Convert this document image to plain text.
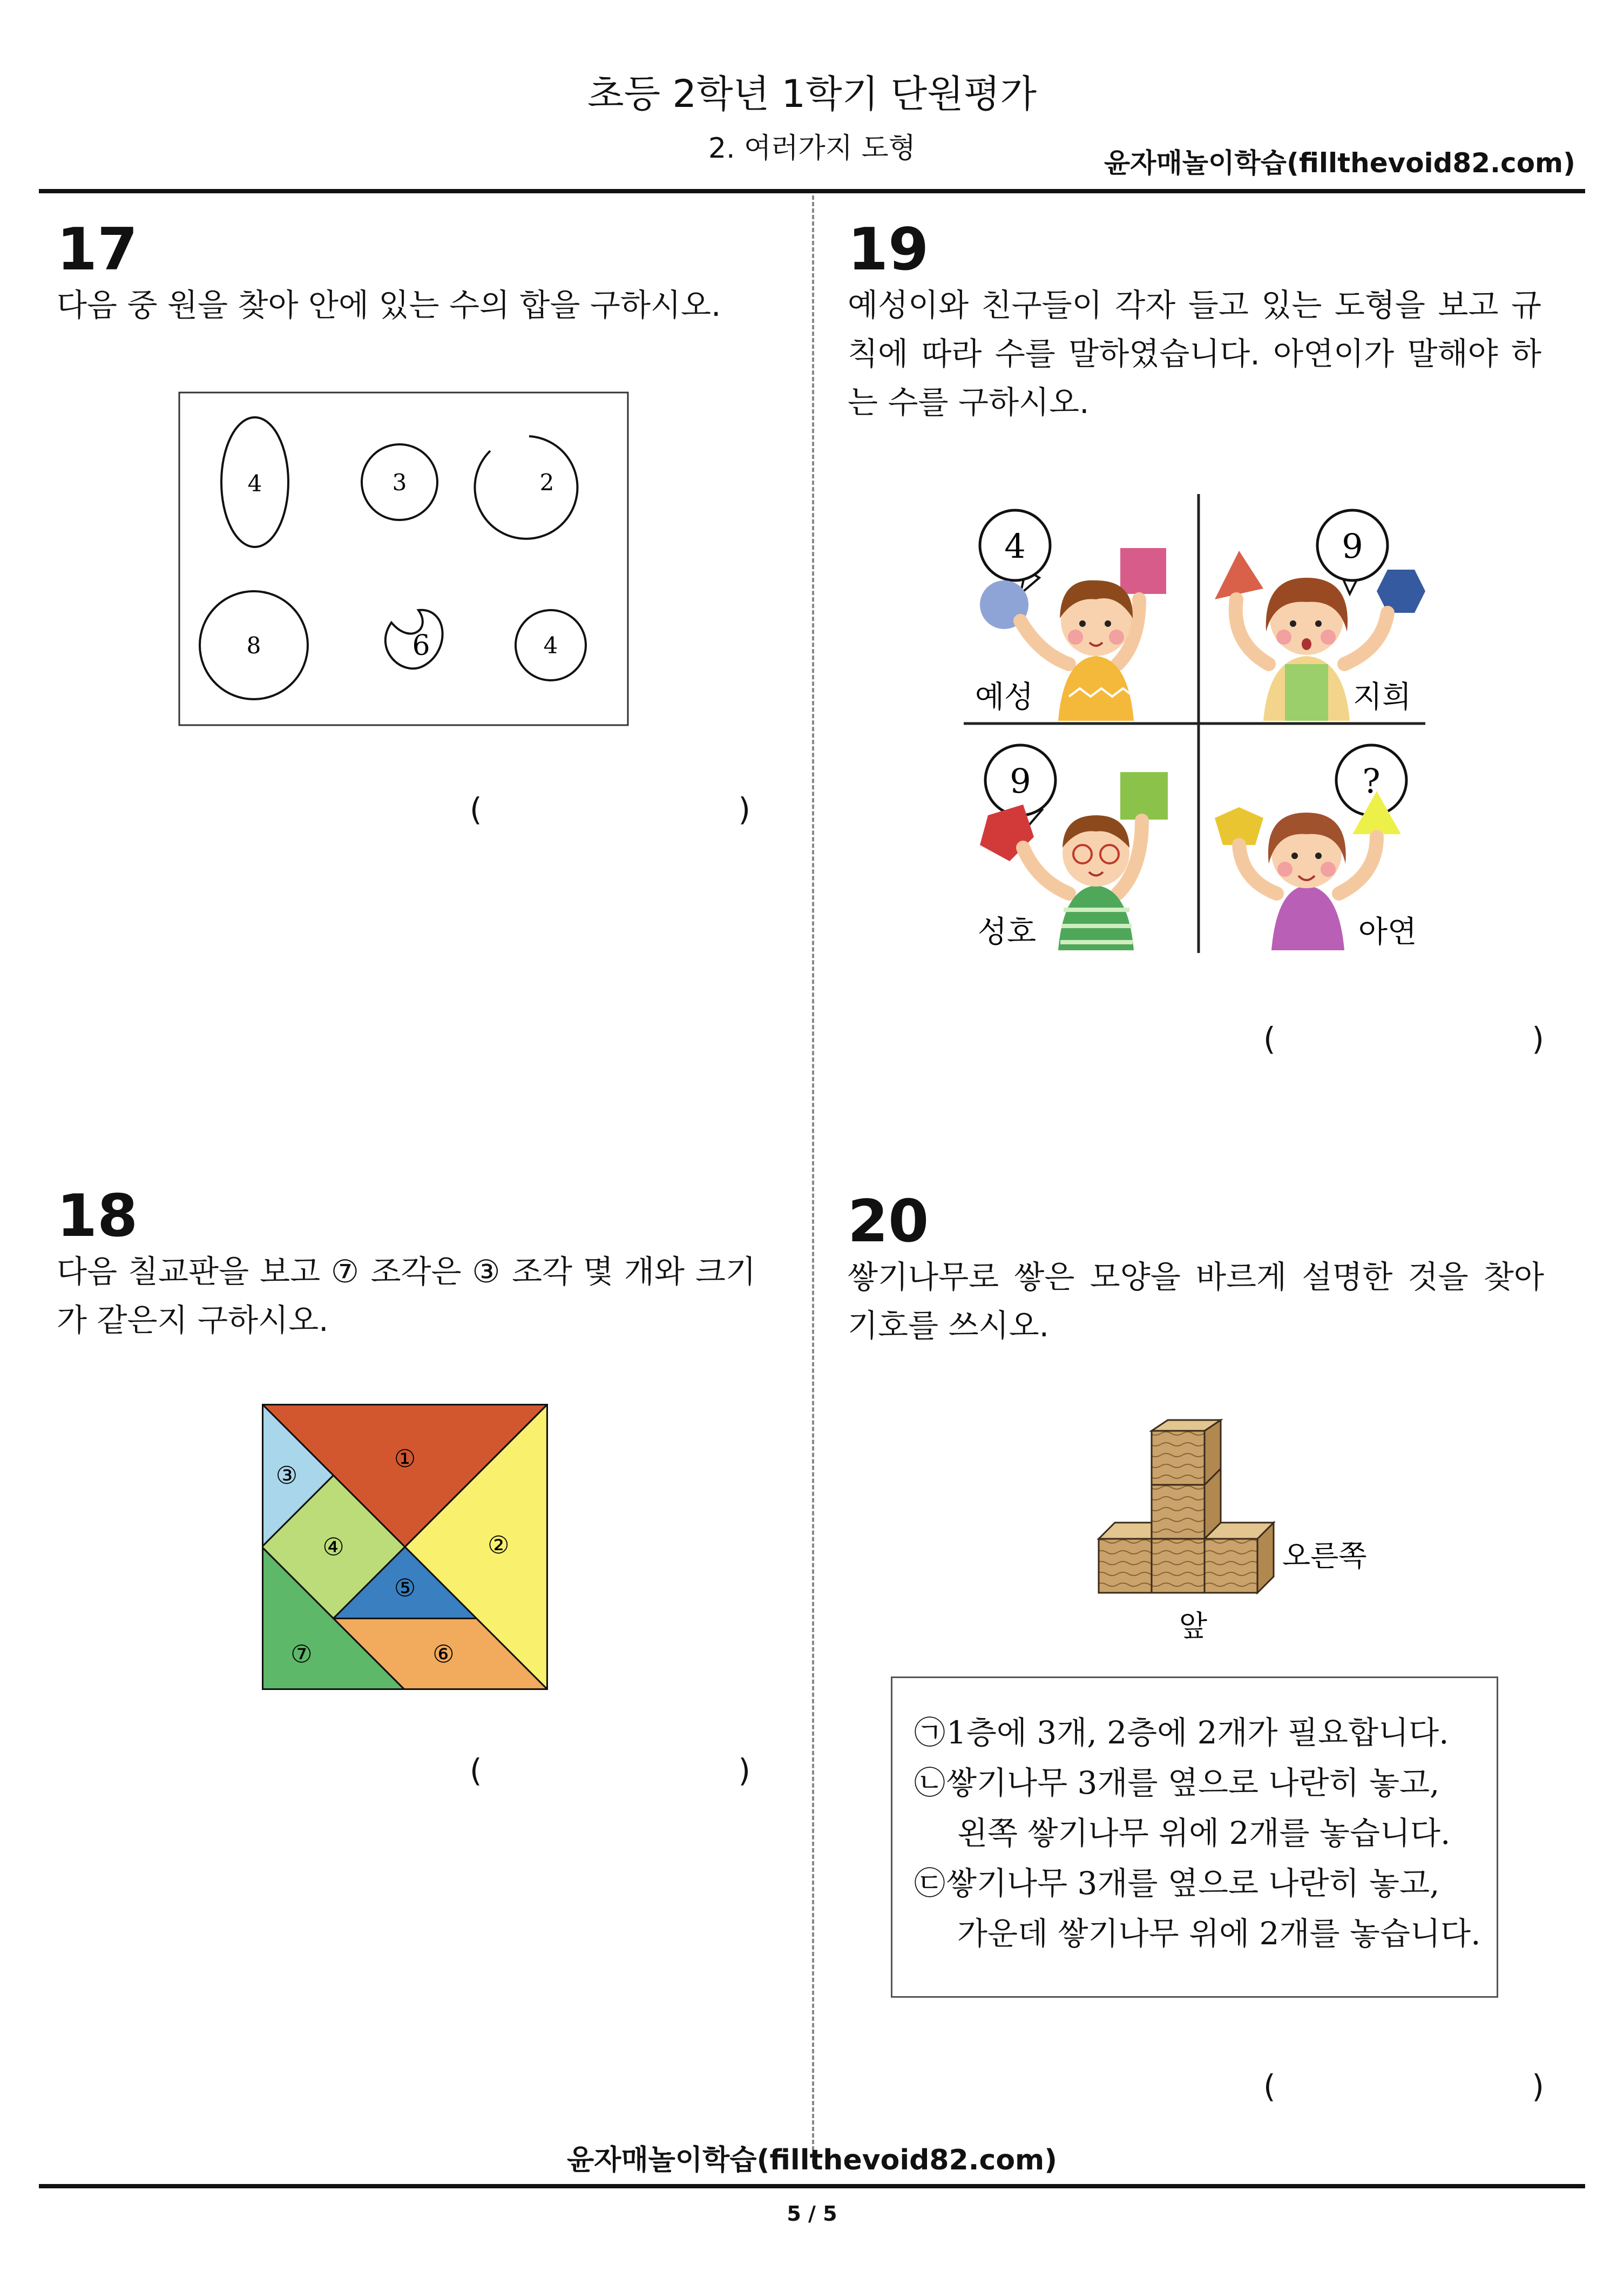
초등 2학년 1학기 단원평가
2. 여러가지 도형	윤자매놀이학습(fillthevoid82.com)
17
다음 중 원을 찾아 안에 있는 수의 합을 구하시오.
4	3	2
8	6	4
(	)
18
다음 칠교판을 보고 ⑦ 조각은 ③ 조각 몇 개와 크기가 같은지 구하시오.
①
②
③
④
⑤
⑥
⑦
(	)
19
예성이와 친구들이 각자 들고 있는 도형을 보고 규칙에 따라 수를 말하였습니다. 아연이가 말해야 하는 수를 구하시오.
4
예성
9
지희
9
성호
?
아연
(	)
20
쌓기나무로 쌓은 모양을 바르게 설명한 것을 찾아 기호를 쓰시오.
오른쪽
앞
㉠1층에 3개, 2층에 2개가 필요합니다.
㉡쌓기나무 3개를 옆으로 나란히 놓고,
왼쪽 쌓기나무 위에 2개를 놓습니다.
㉢쌓기나무 3개를 옆으로 나란히 놓고,
가운데 쌓기나무 위에 2개를 놓습니다.
(	)
윤자매놀이학습(fillthevoid82.com)
5 / 5
